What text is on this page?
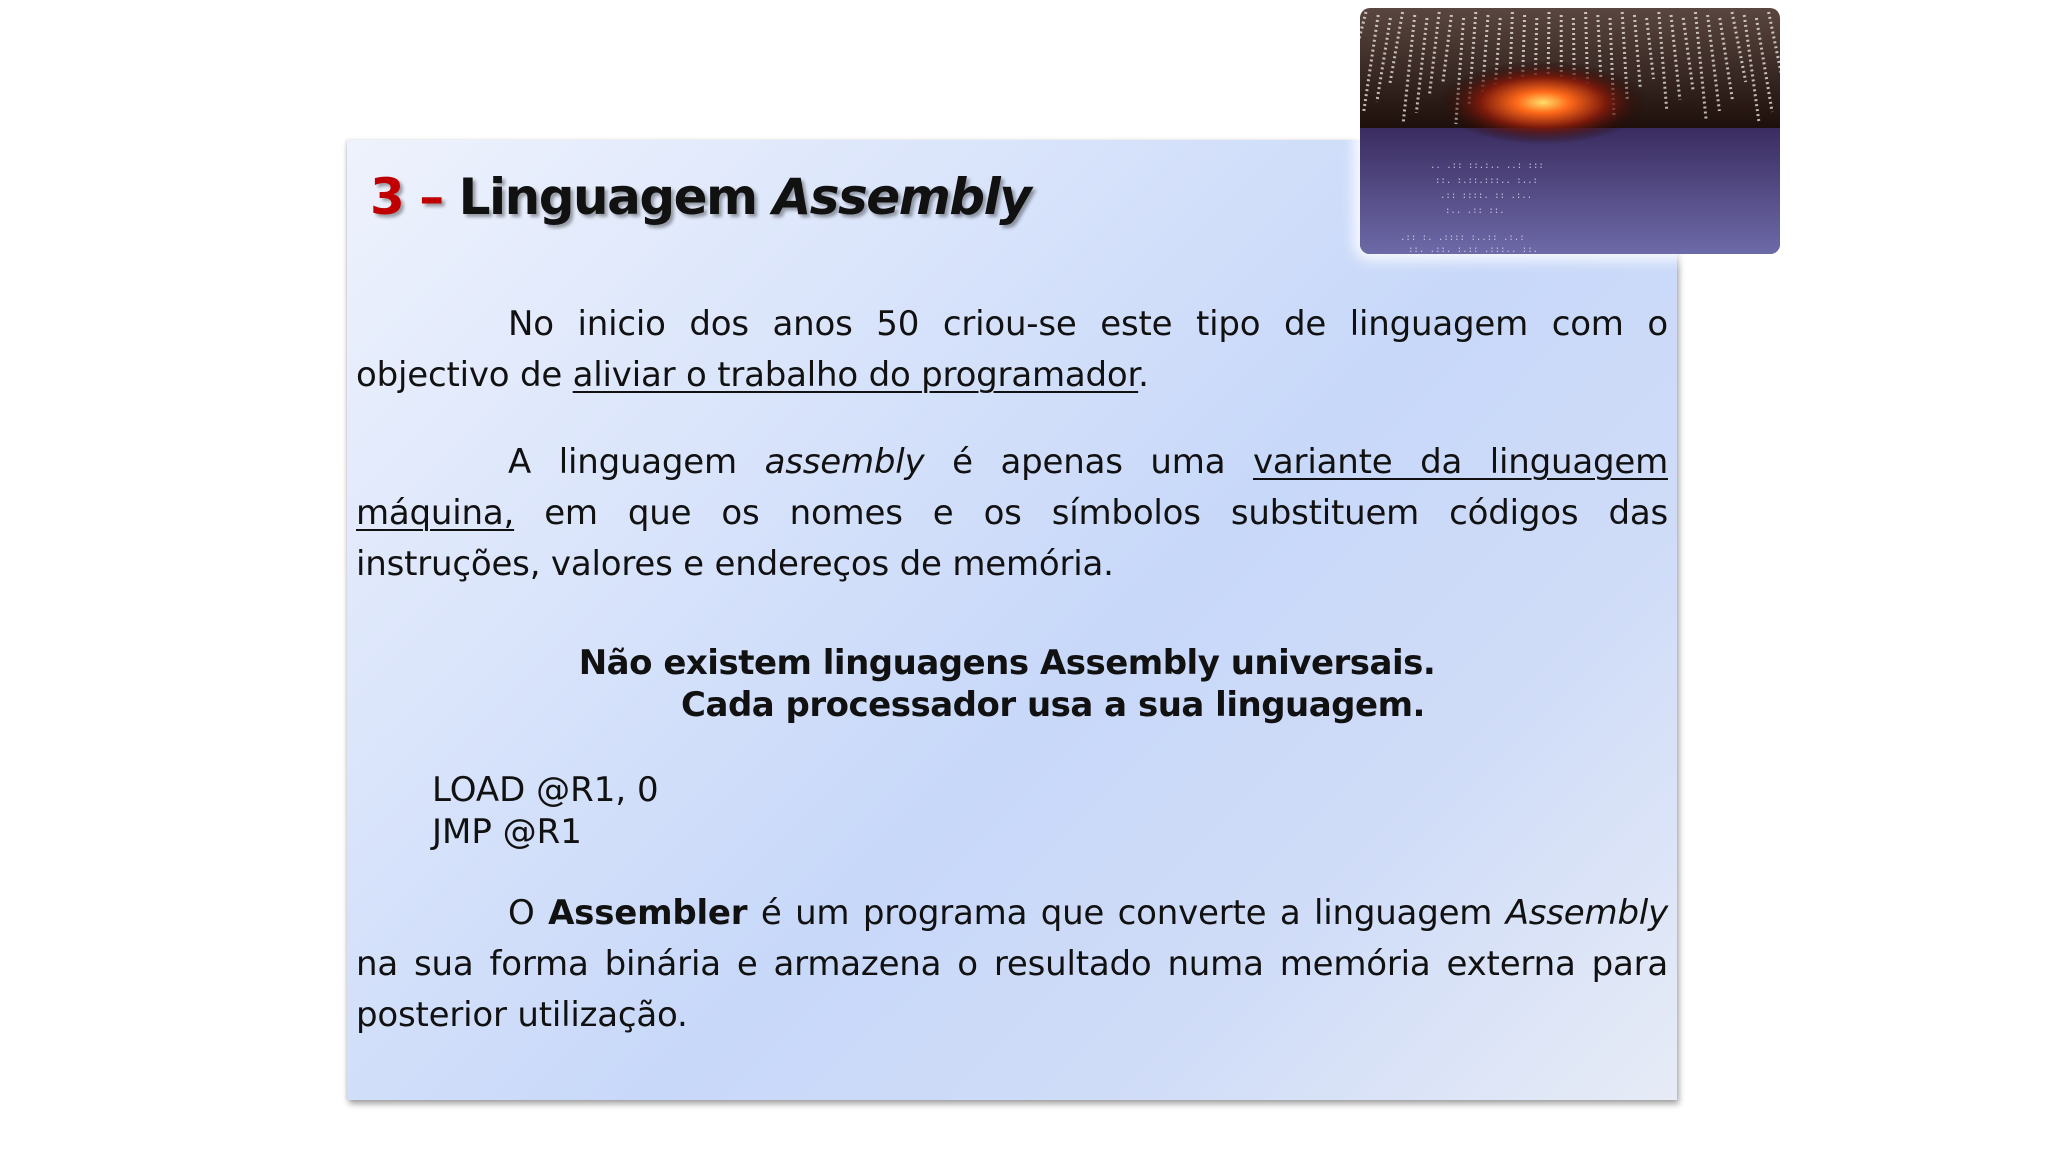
3 – Linguagem Assembly
.. .:: ::.:.. ..: :::
::. :.::.:::.. :..:
.:: ::::. :: .:..
:.. .:: ::.
.:: :. .:::: :..:: .:.:
::. .::. :.:: .:::.. ::.

No inicio dos anos 50 criou-se este tipo de linguagem com o objectivo de aliviar o trabalho do programador.

A linguagem assembly é apenas uma variante da linguagem máquina, em que os nomes e os símbolos substituem códigos das instruções, valores e endereços de memória.

Não existem linguagens Assembly universais.
Cada processador usa a sua linguagem.

LOAD @R1, 0
JMP @R1

O Assembler é um programa que converte a linguagem Assembly na sua forma binária e armazena o resultado numa memória externa para posterior utilização.
